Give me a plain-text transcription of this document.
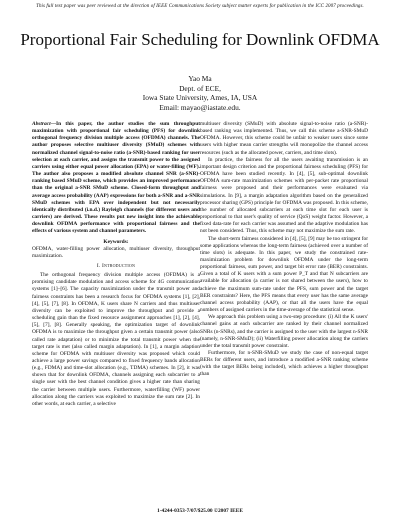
This full text paper was peer reviewed at the direction of IEEE Communications Society subject matter experts for publication in the ICC 2007 proceedings.
Proportional Fair Scheduling for Downlink OFDMA
Yao Ma
Dept. of ECE,
Iowa State University, Ames, IA, USA
Email: mayao@iastate.edu.

Abstract—In this paper, the author studies the sum throughput maximization with proportional fair scheduling (PFS) for downlink orthogonal frequency division multiple access (OFDMA) channels. The author proposes selective multiuser diversity (SMuD) schemes with normalized channel signal-to-noise ratio (a-SNR)-based ranking for user selection at each carrier, and assigns the transmit power to the assigned carriers using either equal power allocation (EPA) or water-filling (WF). The author also proposes a modified absolute channel SNR (a-SNR)-ranking based SMuD scheme, which provides an improved performance than the original a-SNR SMuD scheme. Closed-form throughput and average access probability (AAP) expressions for both a-SNR and a-SNR SMuD schemes with EPA over independent but not necessarily identically distributed (i.n.d.) Rayleigh channels (for different users and carriers) are derived. These results put new insight into the achievable downlink OFDMA performance with proportional fairness and the effects of various system and channel parameters.

Keywords:

OFDMA, water-filling power allocation, multiuser diversity, throughput maximization.

I. Introduction

The orthogonal frequency division multiple access (OFDMA) is a promising candidate modulation and access scheme for 4G communication systems [1]–[6]. The capacity maximization under the transmit power and fairness constraints has been a research focus for OFDMA systems [1], [2], [4], [5], [7], [8]. In OFDMA, K users share N carriers and thus multiuser diversity can be exploited to improve the throughput and provide a scheduling gain than the fixed resource assignment approaches [1], [2], [4], [5], [7], [8]. Generally speaking, the optimization target of downlink OFDMA is to maximize the throughput given a certain transmit power (also called rate adaptation) or to minimize the total transmit power when the target rate is met (also called margin adaptation). In [1], a margin adaption scheme for OFDMA with multiuser diversity was proposed which could achieve a large power savings compared to fixed frequency bands allocation (e.g., FDMA) and time-slot allocation (e.g., TDMA) schemes. In [2], it was shown that for downlink OFDMA, channels assigning each subcarrier to a single user with the best channel condition gives a higher rate than sharing the carrier between multiple users. Furthermore, waterfilling (WF) power allocation along the carriers was exploited to maximize the sum rate [2]. In other words, at each carrier, a selective

multiuser diversity (SMuD) with absolute signal-to-noise ratio (a-SNR)-based ranking was implemented. Thus, we call this scheme a-SNR-SMuD OFDMA. However, this scheme could be unfair to weaker users since some users with higher mean carrier strengths will monopolize the channel access resources (such as the allocated power, carriers, and time slots).

In practice, the fairness for all the users awaiting transmission is an important design criterion and the proportional fairness scheduling (PFS) for OFDMA have been studied recently. In [4], [5], sub-optimal downlink OFDMA sum-rate maximization schemes with per-packet rate proportional fairness were proposed and their performances were evaluated via simulations. In [9], a margin adaptation algorithm based on the generalized processor sharing (GPS) principle for OFDMA was proposed. In this scheme, the number of allocated subcarriers at each time slot for each user is proportional to that user's quality of service (QoS) weight factor. However, a fixed data-rate for each carrier was assumed and the adaptive modulation has not been considered. Thus, this scheme may not maximize the sum rate.

The short-term fairness considered in [4], [5], [9] may be too stringent for some applications whereas the long-term fairness (achieved over a number of time slots) is adequate. In this paper, we study the constrained rate-maximization problem for downlink OFDMA under the long-term proportional fairness, sum power, and target bit error rate (BER) constraints. Given a total of K users with a sum power P_T and that N subcarriers are available for allocation (a carrier is not shared between the users), how to achieve the maximum sum-rate under the PFS, sum power and the target BER constraints? Here, the PFS means that every user has the same average channel access probability (AAP), or that all the users have the equal numbers of assigned carriers in the time-average of the statistical sense.

We approach this problem using a two-step procedure: (i) All the K users' channel gains at each subcarrier are ranked by their channel normalized SNRs (n-SNRs), and the carrier is assigned to the user with the largest n-SNR (namely, n-SNR-SMuD); (ii) Waterfilling power allocation along the carriers under the total transmit power constraint.

Furthermore, for n-SNR-SMuD we study the case of non-equal target BERs for different users, and introduce a modified a-SNR ranking scheme (with the target BERs being included), which achieves a higher throughput than

1-4244-0353-7/07/$25.00 ©2007 IEEE
